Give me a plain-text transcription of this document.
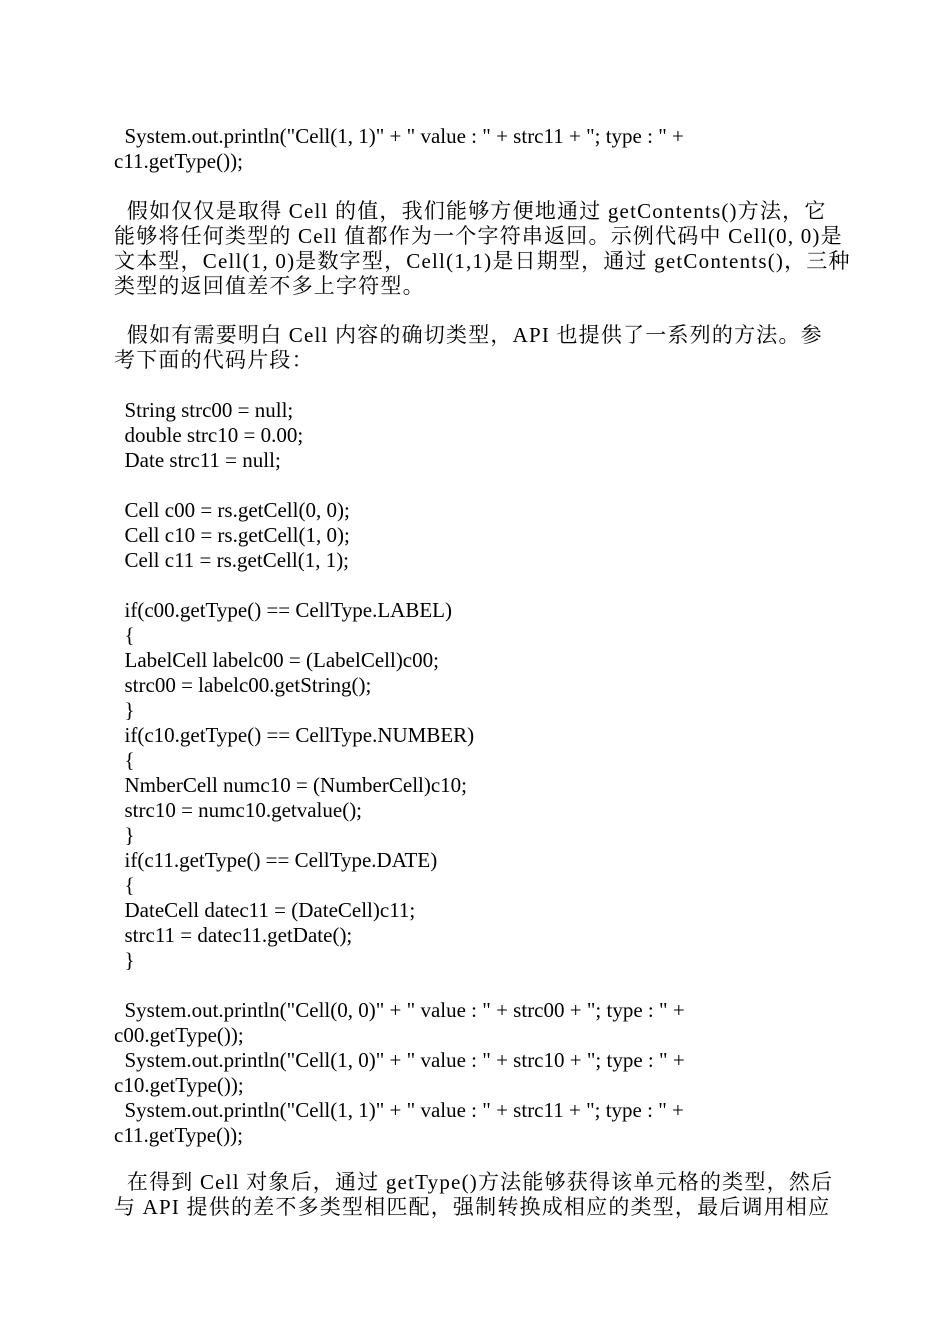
System.out.println("Cell(1, 1)" + " value : " + strc11 + "; type : " +
c11.getType());
假如仅仅是取得 Cell 的值，我们能够方便地通过 getContents()方法，它
能够将任何类型的 Cell 值都作为一个字符串返回。示例代码中 Cell(0, 0)是
文本型，Cell(1, 0)是数字型，Cell(1,1)是日期型，通过 getContents()，三种
类型的返回值差不多上字符型。
假如有需要明白 Cell 内容的确切类型，API 也提供了一系列的方法。参
考下面的代码片段：
String strc00 = null;
double strc10 = 0.00;
Date strc11 = null;
Cell c00 = rs.getCell(0, 0);
Cell c10 = rs.getCell(1, 0);
Cell c11 = rs.getCell(1, 1);
if(c00.getType() == CellType.LABEL)
{
LabelCell labelc00 = (LabelCell)c00;
strc00 = labelc00.getString();
}
if(c10.getType() == CellType.NUMBER)
{
NmberCell numc10 = (NumberCell)c10;
strc10 = numc10.getvalue();
}
if(c11.getType() == CellType.DATE)
{
DateCell datec11 = (DateCell)c11;
strc11 = datec11.getDate();
}
System.out.println("Cell(0, 0)" + " value : " + strc00 + "; type : " +
c00.getType());
System.out.println("Cell(1, 0)" + " value : " + strc10 + "; type : " +
c10.getType());
System.out.println("Cell(1, 1)" + " value : " + strc11 + "; type : " +
c11.getType());
在得到 Cell 对象后，通过 getType()方法能够获得该单元格的类型，然后
与 API 提供的差不多类型相匹配，强制转换成相应的类型，最后调用相应
